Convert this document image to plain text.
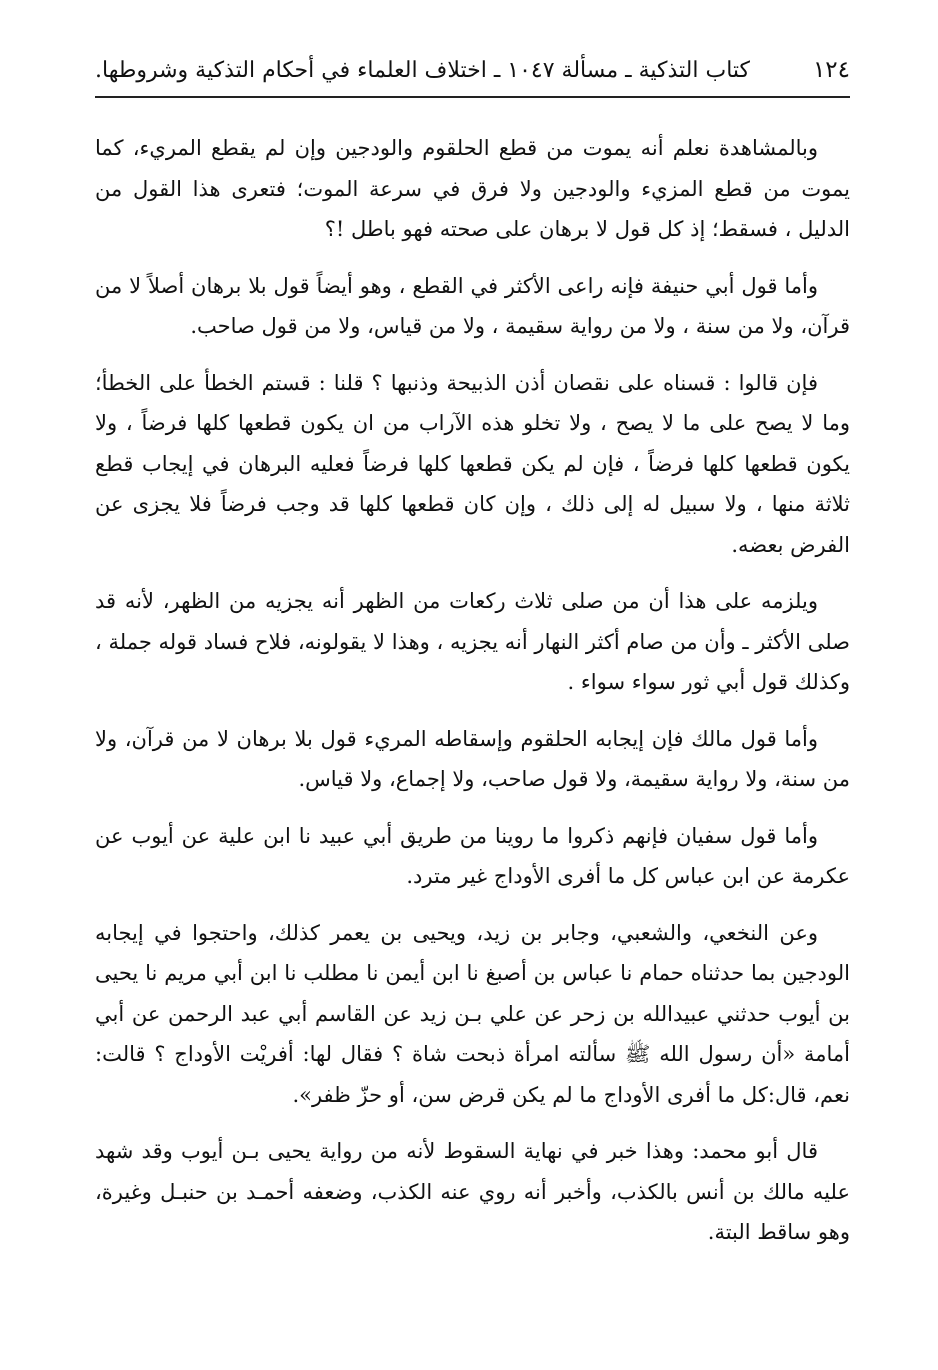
١٢٤
كتاب التذكية ـ مسألة ١٠٤٧ ـ اختلاف العلماء في أحكام التذكية وشروطها.

وبالمشاهدة نعلم أنه يموت من قطع الحلقوم والودجين وإن لم يقطع المريء، كما يموت من قطع المزيء والودجين ولا فرق في سرعة الموت؛ فتعرى هذا القول من الدليل ، فسقط؛ إذ كل قول لا برهان على صحته فهو باطل !؟

وأما قول أبي حنيفة فإنه راعى الأكثر في القطع ، وهو أيضاً قول بلا برهان أصلاً لا من قرآن، ولا من سنة ، ولا من رواية سقيمة ، ولا من قياس، ولا من قول صاحب.

فإن قالوا : قسناه على نقصان أذن الذبيحة وذنبها ؟ قلنا : قستم الخطأ على الخطأ؛ وما لا يصح على ما لا يصح ، ولا تخلو هذه الآراب من ان يكون قطعها كلها فرضاً ، ولا يكون قطعها كلها فرضاً ، فإن لم يكن قطعها كلها فرضاً فعليه البرهان في إيجاب قطع ثلاثة منها ، ولا سبيل له إلى ذلك ، وإن كان قطعها كلها قد وجب فرضاً فلا يجزى عن الفرض بعضه.

ويلزمه على هذا أن من صلى ثلاث ركعات من الظهر أنه يجزيه من الظهر، لأنه قد صلى الأكثر ـ وأن من صام أكثر النهار أنه يجزيه ، وهذا لا يقولونه، فلاح فساد قوله جملة ، وكذلك قول أبي ثور سواء سواء .

وأما قول مالك فإن إيجابه الحلقوم وإسقاطه المريء قول بلا برهان لا من قرآن، ولا من سنة، ولا رواية سقيمة، ولا قول صاحب، ولا إجماع، ولا قياس.

وأما قول سفيان فإنهم ذكروا ما روينا من طريق أبي عبيد نا ابن علية عن أيوب عن عكرمة عن ابن عباس كل ما أفرى الأوداج غير مترد.

وعن النخعي، والشعبي، وجابر بن زيد، ويحيى بن يعمر كذلك، واحتجوا في إيجابه الودجين بما حدثناه حمام نا عباس بن أصبغ نا ابن أيمن نا مطلب نا ابن أبي مريم نا يحيى بن أيوب حدثني عبيدالله بن زحر عن علي بـن زيد عن القاسم أبي عبد الرحمن عن أبي أمامة «أن رسول الله ﷺ سألته امرأة ذبحت شاة ؟ فقال لها: أفريْت الأوداج ؟ قالت: نعم، قال:كل ما أفرى الأوداج ما لم يكن قرض سن، أو حزّ ظفر».

قال أبو محمد: وهذا خبر في نهاية السقوط لأنه من رواية يحيى بـن أيوب وقد شهد عليه مالك بن أنس بالكذب، وأخبر أنه روي عنه الكذب، وضعفه أحمـد بن حنبـل وغيرة، وهو ساقط البتة.
